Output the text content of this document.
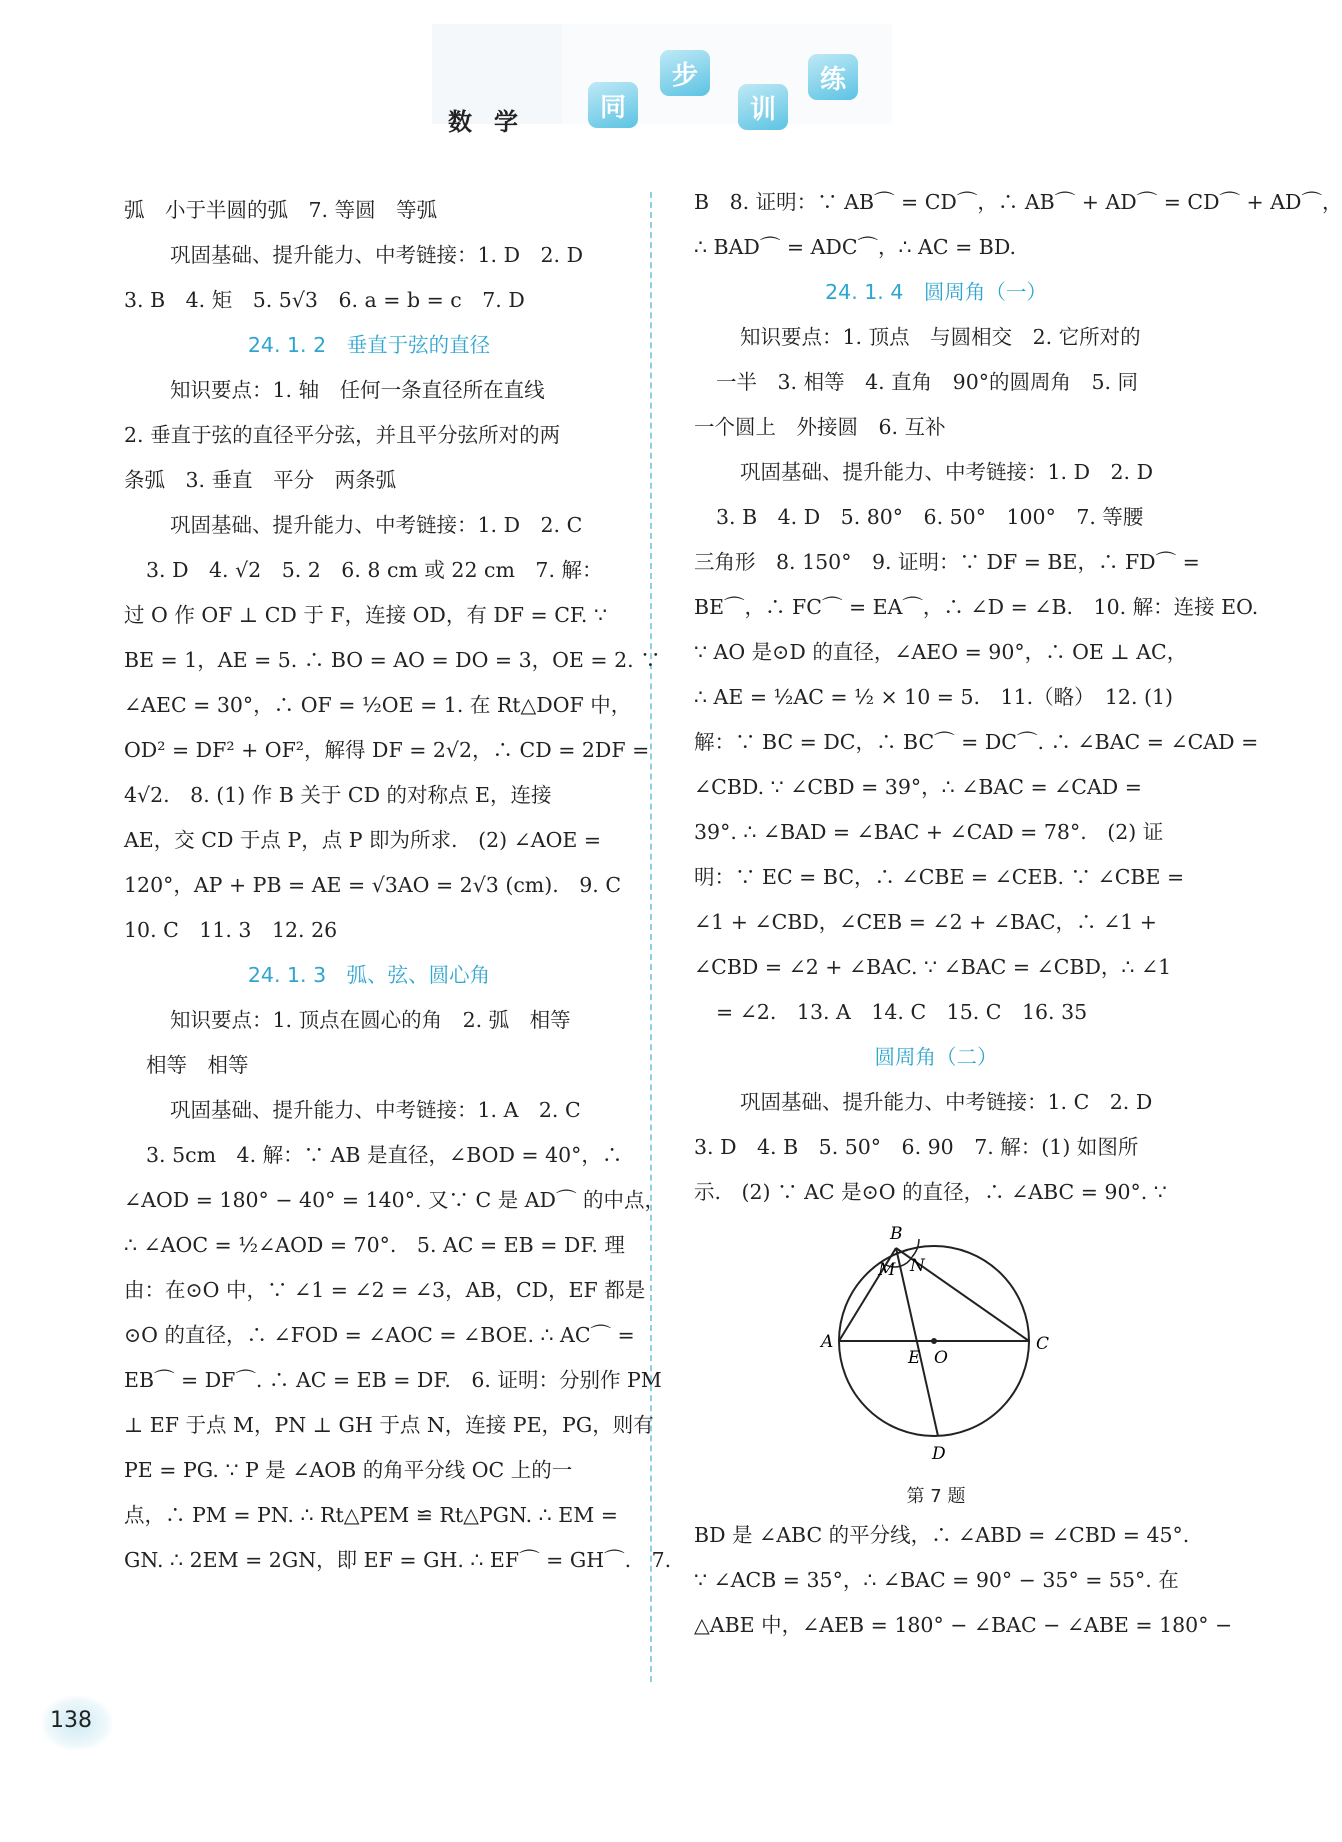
数学	同
步
训
练

弧　小于半圆的弧　7. 等圆　等弧

巩固基础、提升能力、中考链接：1. D　2. D

3. B　4. 矩　5. 5√3　6. a = b = c　7. D

24. 1. 2　垂直于弦的直径

知识要点：1. 轴　任何一条直径所在直线

2. 垂直于弦的直径平分弦，并且平分弦所对的两

条弧　3. 垂直　平分　两条弧

巩固基础、提升能力、中考链接：1. D　2. C

3. D　4. √2　5. 2　6. 8 cm 或 22 cm　7. 解：

过 O 作 OF ⊥ CD 于 F，连接 OD，有 DF = CF. ∵

BE = 1，AE = 5. ∴ BO = AO = DO = 3，OE = 2. ∵

∠AEC = 30°，∴ OF = ½OE = 1. 在 Rt△DOF 中，

OD² = DF² + OF²，解得 DF = 2√2，∴ CD = 2DF =

4√2.　8. (1) 作 B 关于 CD 的对称点 E，连接

AE，交 CD 于点 P，点 P 即为所求.　(2) ∠AOE =

120°，AP + PB = AE = √3AO = 2√3 (cm).　9. C

10. C　11. 3　12. 26

24. 1. 3　弧、弦、圆心角

知识要点：1. 顶点在圆心的角　2. 弧　相等

相等　相等

巩固基础、提升能力、中考链接：1. A　2. C

3. 5cm　4. 解：∵ AB 是直径，∠BOD = 40°，∴

∠AOD = 180° − 40° = 140°. 又∵ C 是 AD⌒ 的中点，

∴ ∠AOC = ½∠AOD = 70°.　5. AC = EB = DF. 理

由：在⊙O 中，∵ ∠1 = ∠2 = ∠3，AB，CD，EF 都是

⊙O 的直径，∴ ∠FOD = ∠AOC = ∠BOE. ∴ AC⌒ =

EB⌒ = DF⌒. ∴ AC = EB = DF.　6. 证明：分别作 PM

⊥ EF 于点 M，PN ⊥ GH 于点 N，连接 PE，PG，则有

PE = PG. ∵ P 是 ∠AOB 的角平分线 OC 上的一

点，∴ PM = PN. ∴ Rt△PEM ≌ Rt△PGN. ∴ EM =

GN. ∴ 2EM = 2GN，即 EF = GH. ∴ EF⌒ = GH⌒.　7.

B　8. 证明：∵ AB⌒ = CD⌒，∴ AB⌒ + AD⌒ = CD⌒ + AD⌒，

∴ BAD⌒ = ADC⌒，∴ AC = BD.

24. 1. 4　圆周角（一）

知识要点：1. 顶点　与圆相交　2. 它所对的

一半　3. 相等　4. 直角　90°的圆周角　5. 同

一个圆上　外接圆　6. 互补

巩固基础、提升能力、中考链接：1. D　2. D

3. B　4. D　5. 80°　6. 50°　100°　7. 等腰

三角形　8. 150°　9. 证明：∵ DF = BE，∴ FD⌒ =

BE⌒，∴ FC⌒ = EA⌒，∴ ∠D = ∠B.　10. 解：连接 EO.

∵ AO 是⊙D 的直径，∠AEO = 90°，∴ OE ⊥ AC，

∴ AE = ½AC = ½ × 10 = 5.　11.（略）　12. (1)

解：∵ BC = DC，∴ BC⌒ = DC⌒. ∴ ∠BAC = ∠CAD =

∠CBD. ∵ ∠CBD = 39°，∴ ∠BAC = ∠CAD =

39°. ∴ ∠BAD = ∠BAC + ∠CAD = 78°.　(2) 证

明：∵ EC = BC，∴ ∠CBE = ∠CEB. ∵ ∠CBE =

∠1 + ∠CBD，∠CEB = ∠2 + ∠BAC，∴ ∠1 +

∠CBD = ∠2 + ∠BAC. ∵ ∠BAC = ∠CBD，∴ ∠1

= ∠2.　13. A　14. C　15. C　16. 35

圆周角（二）

巩固基础、提升能力、中考链接：1. C　2. D

3. D　4. B　5. 50°　6. 90　7. 解：(1) 如图所

示.　(2) ∵ AC 是⊙O 的直径，∴ ∠ABC = 90°. ∵

B
M N
A
E O
C
D
第 7 题

BD 是 ∠ABC 的平分线，∴ ∠ABD = ∠CBD = 45°.

∵ ∠ACB = 35°，∴ ∠BAC = 90° − 35° = 55°. 在

△ABE 中，∠AEB = 180° − ∠BAC − ∠ABE = 180° −

138
